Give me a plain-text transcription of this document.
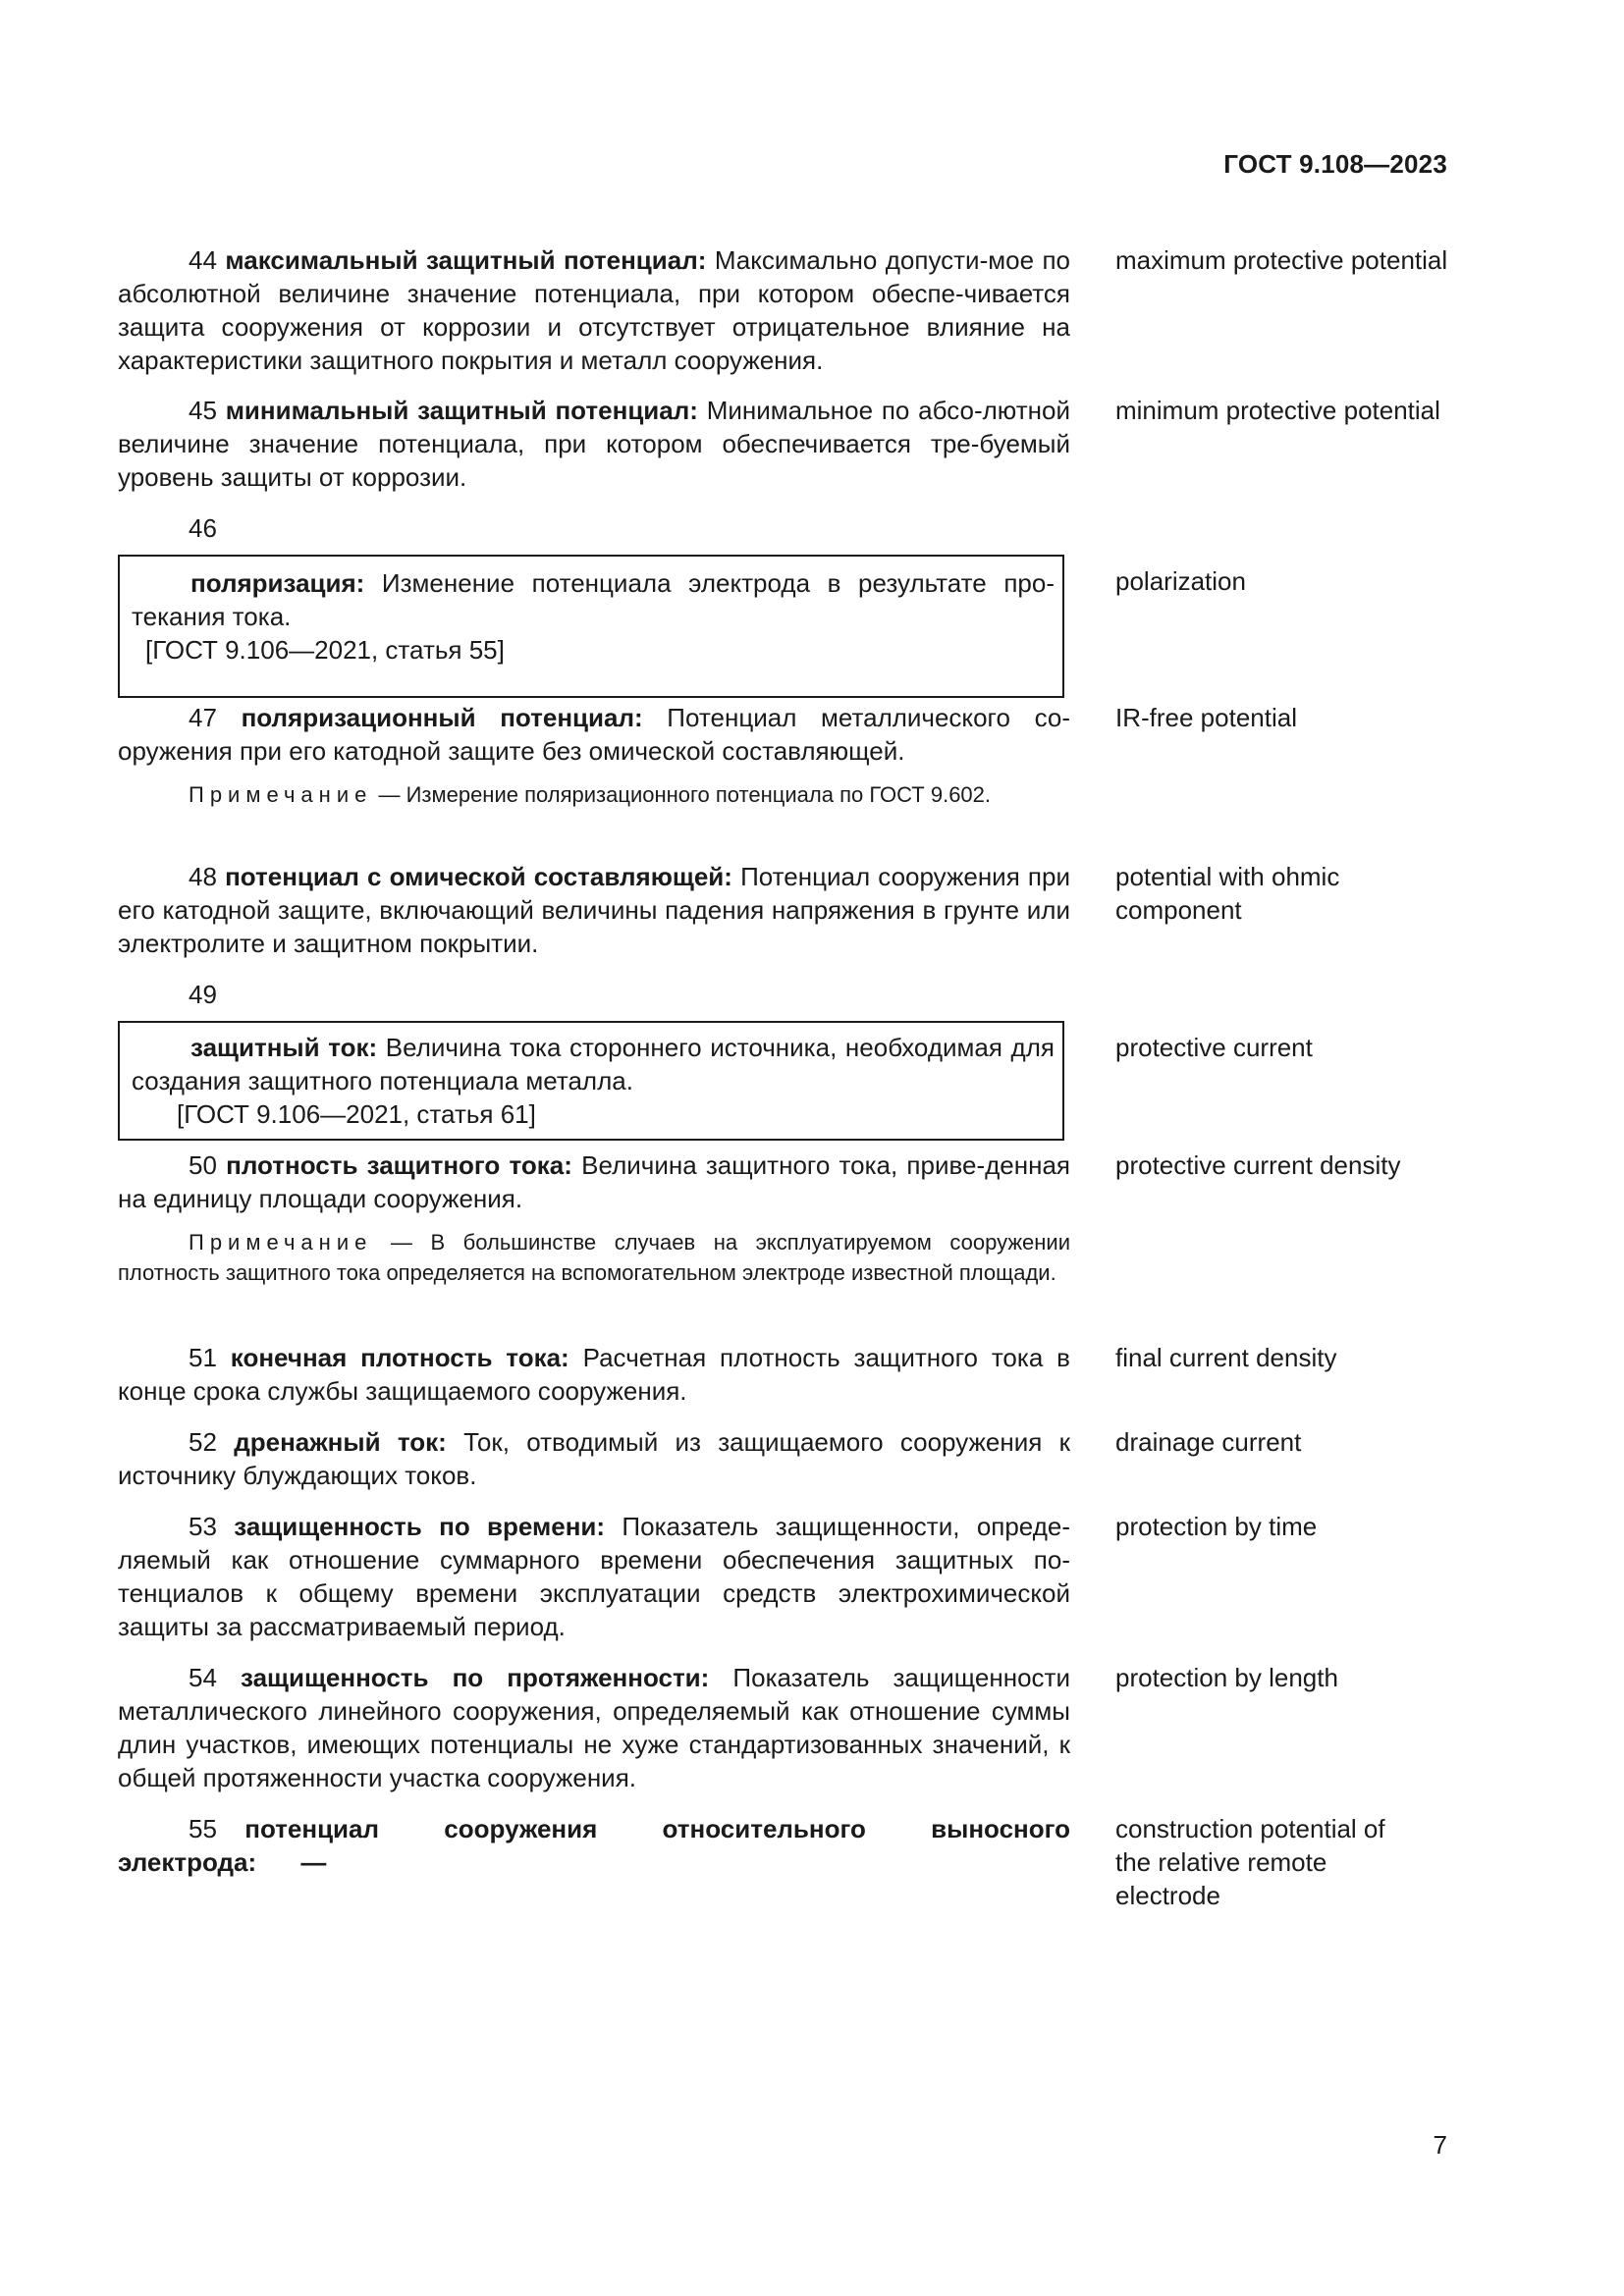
ГОСТ 9.108—2023
44 максимальный защитный потенциал: Максимально допусти-мое по абсолютной величине значение потенциала, при котором обеспе-чивается защита сооружения от коррозии и отсутствует отрицательное влияние на характеристики защитного покрытия и металл сооружения.
maximum protective potential
45 минимальный защитный потенциал: Минимальное по абсо-лютной величине значение потенциала, при котором обеспечивается тре-буемый уровень защиты от коррозии.
minimum protective potential
46
поляризация: Изменение потенциала электрода в результате про-текания тока.
[ГОСТ 9.106—2021, статья 55]
polarization
47 поляризационный потенциал: Потенциал металлического со-оружения при его катодной защите без омической составляющей.
Примечание — Измерение поляризационного потенциала по ГОСТ 9.602.
IR-free potential
48 потенциал с омической составляющей: Потенциал сооружения при его катодной защите, включающий величины падения напряжения в грунте или электролите и защитном покрытии.
potential with ohmic component
49
защитный ток: Величина тока стороннего источника, необходимая для создания защитного потенциала металла.
[ГОСТ 9.106—2021, статья 61]
protective current
50 плотность защитного тока: Величина защитного тока, приве-денная на единицу площади сооружения.
Примечание — В большинстве случаев на эксплуатируемом сооружении плотность защитного тока определяется на вспомогательном электроде известной площади.
protective current density
51 конечная плотность тока: Расчетная плотность защитного тока в конце срока службы защищаемого сооружения.
final current density
52 дренажный ток: Ток, отводимый из защищаемого сооружения к источнику блуждающих токов.
drainage current
53 защищенность по времени: Показатель защищенности, опреде-ляемый как отношение суммарного времени обеспечения защитных по-тенциалов к общему времени эксплуатации средств электрохимической защиты за рассматриваемый период.
protection by time
54 защищенность по протяженности: Показатель защищенности металлического линейного сооружения, определяемый как отношение суммы длин участков, имеющих потенциалы не хуже стандартизованных значений, к общей протяженности участка сооружения.
protection by length
55 потенциал сооружения относительного выносного электрода: —
construction potential of the relative remote electrode
7
